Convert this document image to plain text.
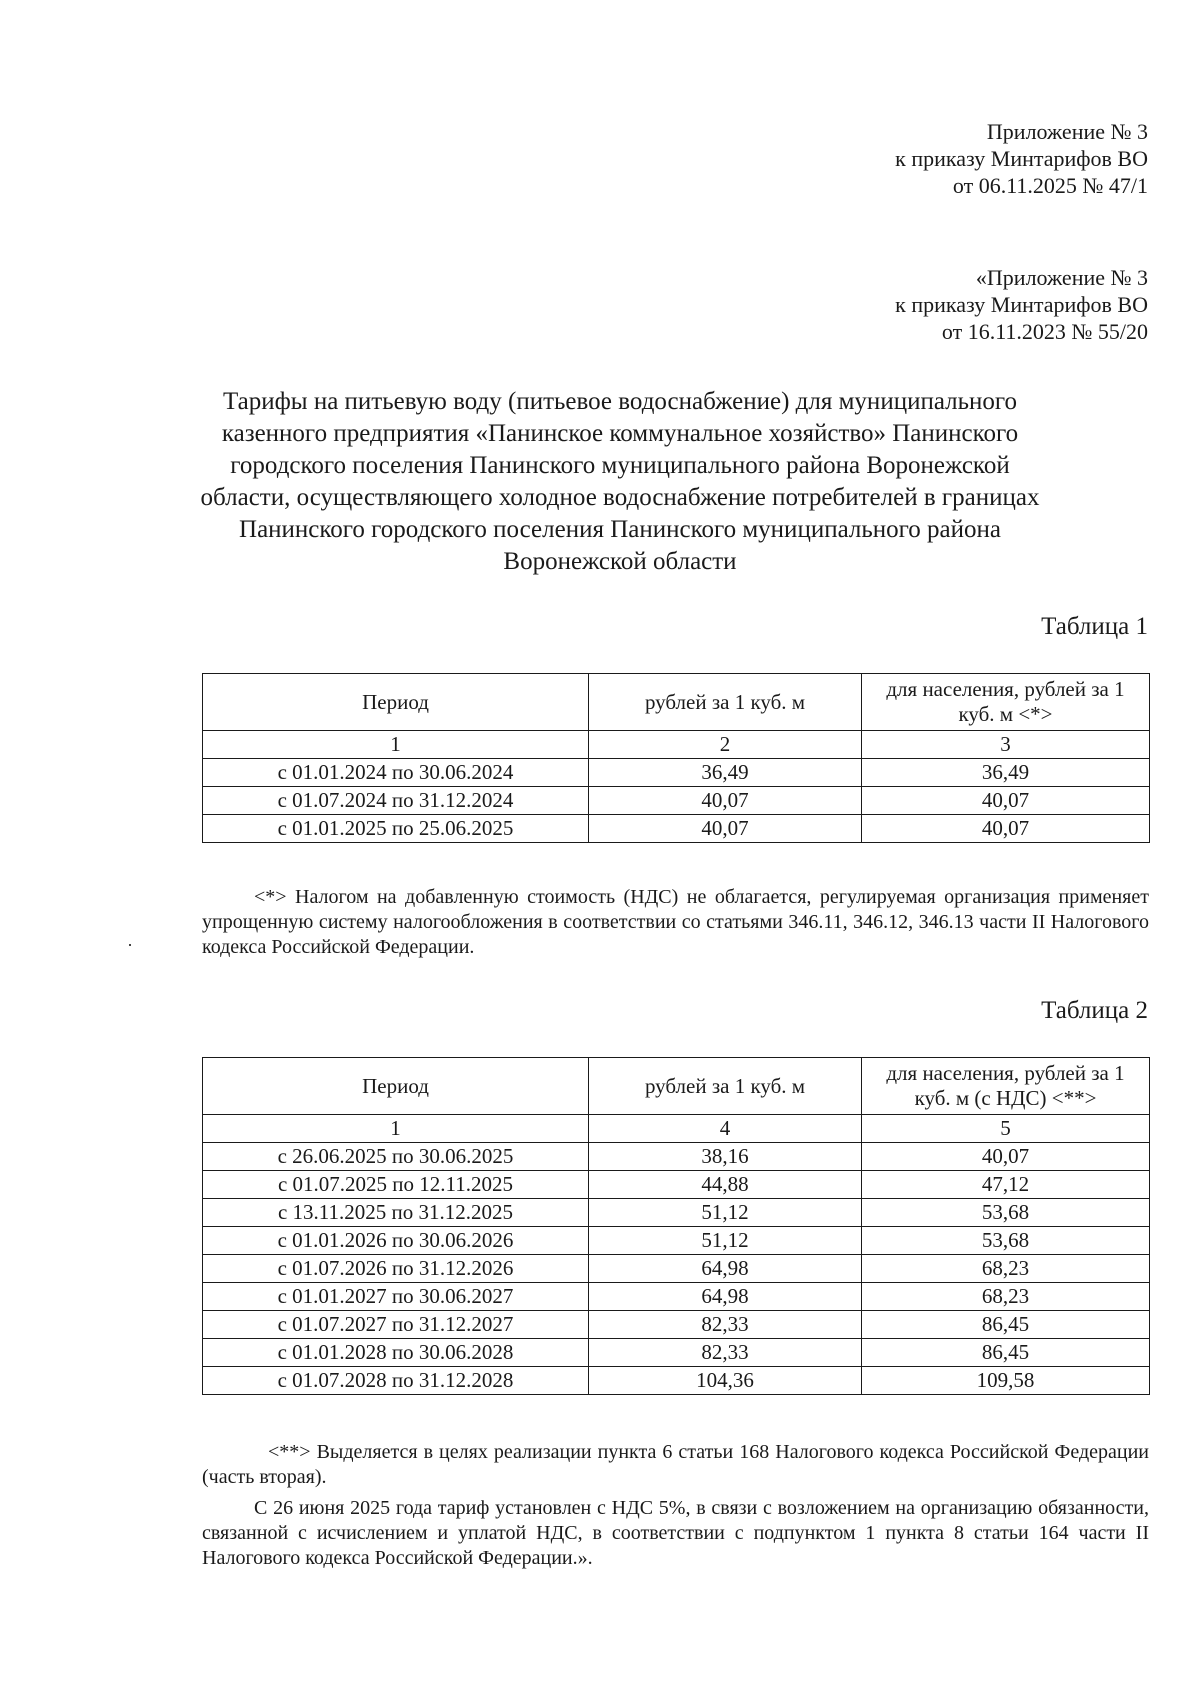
Приложение № 3
к приказу Минтарифов ВО
от 06.11.2025 № 47/1
«Приложение № 3
к приказу Минтарифов ВО
от 16.11.2023 № 55/20
Тарифы на питьевую воду (питьевое водоснабжение) для муниципального казенного предприятия «Панинское коммунальное хозяйство» Панинского городского поселения Панинского муниципального района Воронежской области, осуществляющего холодное водоснабжение потребителей в границах Панинского городского поселения Панинского муниципального района Воронежской области
Таблица 1
Период	рублей за 1 куб. м	для населения, рублей за 1 куб. м <*>
1	2	3
с 01.01.2024 по 30.06.2024	36,49	36,49
с 01.07.2024 по 31.12.2024	40,07	40,07
с 01.01.2025 по 25.06.2025	40,07	40,07
<*> Налогом на добавленную стоимость (НДС) не облагается, регулируемая организация применяет упрощенную систему налогообложения в соответствии со статьями 346.11, 346.12, 346.13 части II Налогового кодекса Российской Федерации.
Таблица 2
Период	рублей за 1 куб. м	для населения, рублей за 1 куб. м (с НДС) <**>
1	4	5
с 26.06.2025 по 30.06.2025	38,16	40,07
с 01.07.2025 по 12.11.2025	44,88	47,12
с 13.11.2025 по 31.12.2025	51,12	53,68
с 01.01.2026 по 30.06.2026	51,12	53,68
с 01.07.2026 по 31.12.2026	64,98	68,23
с 01.01.2027 по 30.06.2027	64,98	68,23
с 01.07.2027 по 31.12.2027	82,33	86,45
с 01.01.2028 по 30.06.2028	82,33	86,45
с 01.07.2028 по 31.12.2028	104,36	109,58
<**> Выделяется в целях реализации пункта 6 статьи 168 Налогового кодекса Российской Федерации (часть вторая).
С 26 июня 2025 года тариф установлен с НДС 5%, в связи с возложением на организацию обязанности, связанной с исчислением и уплатой НДС, в соответствии с подпунктом 1 пункта 8 статьи 164 части II Налогового кодекса Российской Федерации.».
